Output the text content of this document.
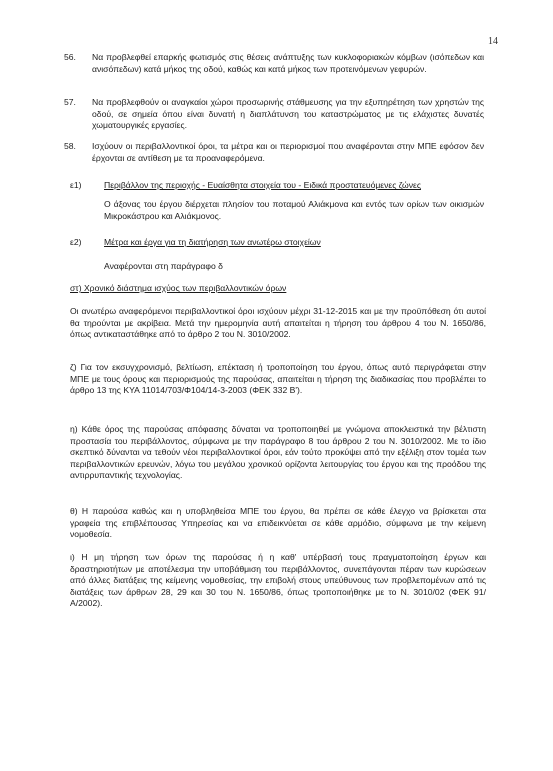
14
56.	Να προβλεφθεί επαρκής φωτισμός στις θέσεις ανάπτυξης των κυκλοφοριακών κόμβων (ισόπεδων και ανισόπεδων) κατά μήκος της οδού, καθώς και κατά μήκος των προτεινόμενων γεφυρών.
57.	Να προβλεφθούν οι αναγκαίοι χώροι προσωρινής στάθμευσης για την εξυπηρέτηση των χρηστών της οδού, σε σημεία όπου είναι δυνατή η διαπλάτυνση του καταστρώματος με τις ελάχιστες δυνατές χωματουργικές εργασίες.
58.	Ισχύουν οι περιβαλλοντικοί όροι, τα μέτρα και οι περιορισμοί που αναφέρονται στην ΜΠΕ εφόσον δεν έρχονται σε αντίθεση με τα προαναφερόμενα.
ε1)	Περιβάλλον της περιοχής - Ευαίσθητα στοιχεία του - Ειδικά προστατευόμενες ζώνες
Ο άξονας του έργου διέρχεται πλησίον του ποταμού Αλιάκμονα και εντός των ορίων των οικισμών Μικροκάστρου και Αλιάκμονος.
ε2)	Μέτρα και έργα για τη διατήρηση των ανωτέρω στοιχείων
Αναφέρονται στη παράγραφο δ
στ) Χρονικό διάστημα ισχύος των περιβαλλοντικών όρων
Οι ανωτέρω αναφερόμενοι περιβαλλοντικοί όροι ισχύουν μέχρι 31-12-2015 και με την προϋπόθεση ότι αυτοί θα τηρούνται με ακρίβεια. Μετά την ημερομηνία αυτή απαιτείται η τήρηση του άρθρου 4 του Ν. 1650/86, όπως αντικαταστάθηκε από το άρθρο 2 του Ν. 3010/2002.
ζ) Για τον εκσυγχρονισμό, βελτίωση, επέκταση ή τροποποίηση του έργου, όπως αυτό περιγράφεται στην ΜΠΕ με τους όρους και περιορισμούς της παρούσας, απαιτείται η τήρηση της διαδικασίας που προβλέπει το άρθρο 13 της ΚΥΑ 11014/703/Φ104/14-3-2003 (ΦΕΚ 332 Β').
η) Κάθε όρος της παρούσας απόφασης δύναται να τροποποιηθεί με γνώμονα αποκλειστικά την βέλτιστη προστασία του περιβάλλοντος, σύμφωνα με την παράγραφο 8 του άρθρου 2 του Ν. 3010/2002. Με το ίδιο σκεπτικό δύνανται να τεθούν νέοι περιβαλλοντικοί όροι, εάν τούτο προκύψει από την εξέλιξη στον τομέα των περιβαλλοντικών ερευνών, λόγω του μεγάλου χρονικού ορίζοντα λειτουργίας του έργου και της προόδου της αντιρρυπαντικής τεχνολογίας.
θ) Η παρούσα καθώς και η υποβληθείσα ΜΠΕ του έργου, θα πρέπει σε κάθε έλεγχο να βρίσκεται στα γραφεία της επιβλέπουσας Υπηρεσίας και να επιδεικνύεται σε κάθε αρμόδιο, σύμφωνα με την κείμενη νομοθεσία.
ι) Η μη τήρηση των όρων της παρούσας ή η καθ' υπέρβασή τους πραγματοποίηση έργων και δραστηριοτήτων με αποτέλεσμα την υποβάθμιση του περιβάλλοντος, συνεπάγονται πέραν των κυρώσεων από άλλες διατάξεις της κείμενης νομοθεσίας, την επιβολή στους υπεύθυνους των προβλεπομένων από τις διατάξεις των άρθρων 28, 29 και 30 του Ν. 1650/86, όπως τροποποιήθηκε με το Ν. 3010/02 (ΦΕΚ 91/Α/2002).
